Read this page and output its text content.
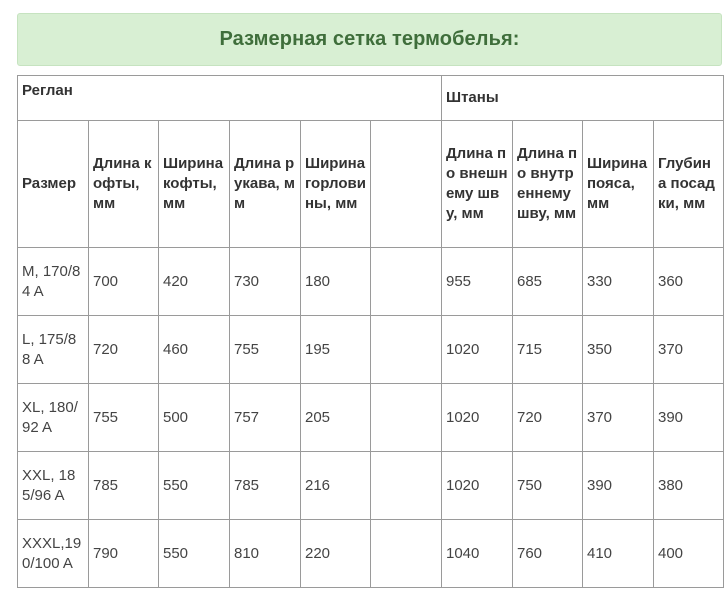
Размерная сетка термобелья:
Реглан						Штаны			
Размер	Длина кофты, мм	Ширина кофты, мм	Длина рукава, мм	Ширина горловины, мм		Длина по внешнему шву, мм	Длина по внутреннему шву, мм	Ширина пояса, мм	Глубина посадки, мм
M, 170/84 A	700	420	730	180		955	685	330	360
L, 175/88 A	720	460	755	195		1020	715	350	370
XL, 180/92 A	755	500	757	205		1020	720	370	390
XXL, 185/96 A	785	550	785	216		1020	750	390	380
XXXL,190/100 A	790	550	810	220		1040	760	410	400
